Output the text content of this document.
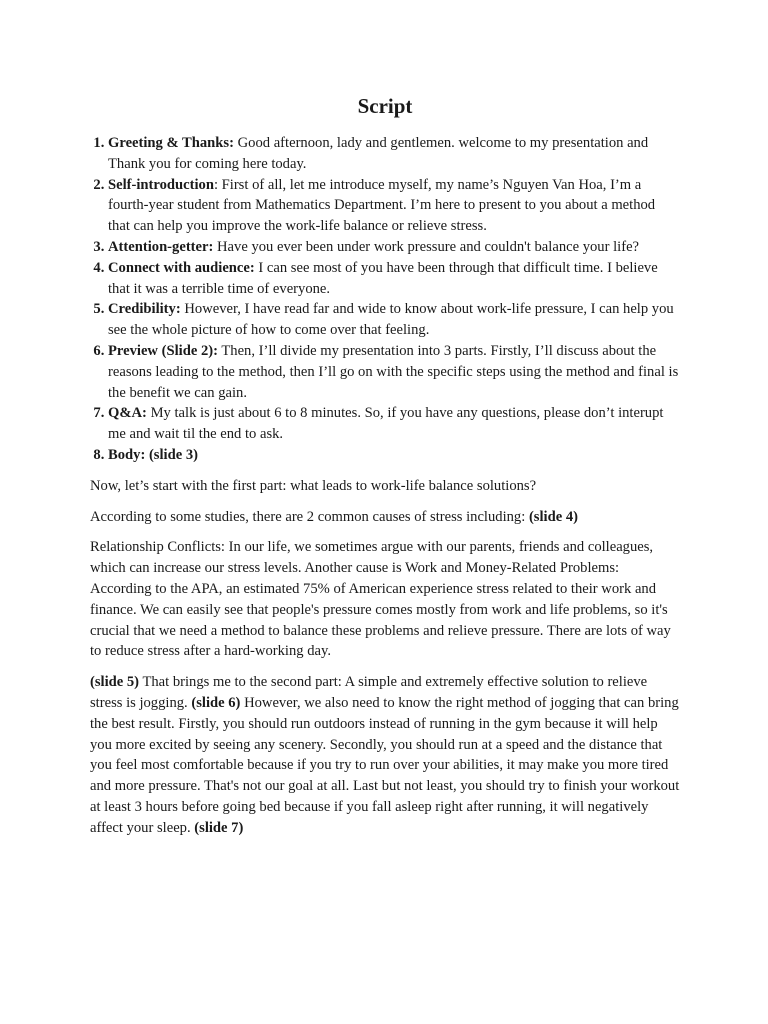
Script
1. Greeting & Thanks: Good afternoon, lady and gentlemen. welcome to my presentation and Thank you for coming here today.
2. Self-introduction: First of all, let me introduce myself, my name’s Nguyen Van Hoa, I’m a fourth-year student from Mathematics Department. I’m here to present to you about a method that can help you improve the work-life balance or relieve stress.
3. Attention-getter: Have you ever been under work pressure and couldn't balance your life?
4. Connect with audience: I can see most of you have been through that difficult time. I believe that it was a terrible time of everyone.
5. Credibility: However, I have read far and wide to know about work-life pressure, I can help you see the whole picture of how to come over that feeling.
6. Preview (Slide 2): Then, I’ll divide my presentation into 3 parts. Firstly, I’ll discuss about the reasons leading to the method, then I’ll go on with the specific steps using the method and final is the benefit we can gain.
7. Q&A: My talk is just about 6 to 8 minutes. So, if you have any questions, please don’t interupt me and wait til the end to ask.
8. Body: (slide 3)

Now, let’s start with the first part: what leads to work-life balance solutions?

According to some studies, there are 2 common causes of stress including: (slide 4)

Relationship Conflicts: In our life, we sometimes argue with our parents, friends and colleagues, which can increase our stress levels. Another cause is Work and Money-Related Problems: According to the APA, an estimated 75% of American experience stress related to their work and finance. We can easily see that people's pressure comes mostly from work and life problems, so it's crucial that we need a method to balance these problems and relieve pressure. There are lots of way to reduce stress after a hard-working day.

(slide 5) That brings me to the second part: A simple and extremely effective solution to relieve stress is jogging. (slide 6) However, we also need to know the right method of jogging that can bring the best result. Firstly, you should run outdoors instead of running in the gym because it will help you more excited by seeing any scenery. Secondly, you should run at a speed and the distance that you feel most comfortable because if you try to run over your abilities, it may make you more tired and more pressure. That's not our goal at all. Last but not least, you should try to finish your workout at least 3 hours before going bed because if you fall asleep right after running, it will negatively affect your sleep. (slide 7)
